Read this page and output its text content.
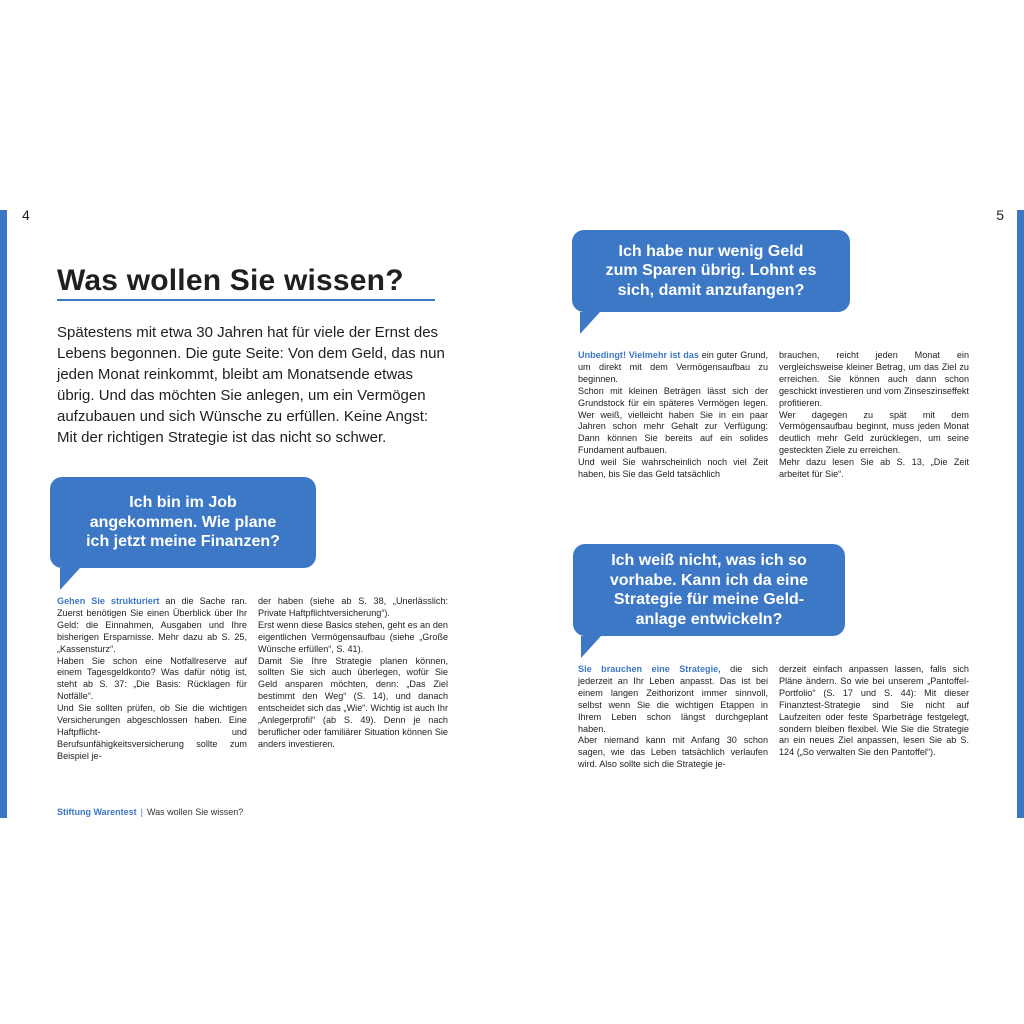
4	5
Was wollen Sie wissen?

Spätestens mit etwa 30 Jahren hat für viele der Ernst des Lebens begonnen. Die gute Seite: Von dem Geld, das nun jeden Monat reinkommt, bleibt am Monatsende etwas übrig. Und das möchten Sie anlegen, um ein Vermögen aufzubauen und sich Wünsche zu erfüllen. Keine Angst: Mit der richtigen Strategie ist das nicht so schwer.

Ich bin im Job
angekommen. Wie plane
ich jetzt meine Finanzen?

Gehen Sie strukturiert an die Sache ran. Zuerst benötigen Sie einen Überblick über Ihr Geld: die Einnahmen, Ausgaben und Ihre bisherigen Ersparnisse. Mehr dazu ab S. 25, „Kassensturz“.
Haben Sie schon eine Notfallreserve auf einem Tagesgeldkonto? Was dafür nötig ist, steht ab S. 37: „Die Basis: Rücklagen für Notfälle“.
Und Sie sollten prüfen, ob Sie die wichtigen Versicherungen abgeschlossen haben. Eine Haftpflicht- und Berufsunfähigkeitsversicherung sollte zum Beispiel je-

der haben (siehe ab S. 38, „Unerlässlich: Private Haftpflichtversicherung“).
Erst wenn diese Basics stehen, geht es an den eigentlichen Vermögensaufbau (siehe „Große Wünsche erfüllen“, S. 41).
Damit Sie Ihre Strategie planen können, sollten Sie sich auch überlegen, wofür Sie Geld ansparen möchten, denn: „Das Ziel bestimmt den Weg“ (S. 14), und danach entscheidet sich das „Wie“. Wichtig ist auch Ihr „Anlegerprofil“ (ab S. 49). Denn je nach beruflicher oder familiärer Situation können Sie anders investieren.

Ich habe nur wenig Geld
zum Sparen übrig. Lohnt es
sich, damit anzufangen?

Unbedingt! Vielmehr ist das ein guter Grund, um direkt mit dem Vermögensaufbau zu beginnen.
Schon mit kleinen Beträgen lässt sich der Grundstock für ein späteres Vermögen legen. Wer weiß, vielleicht haben Sie in ein paar Jahren schon mehr Gehalt zur Verfügung: Dann können Sie bereits auf ein solides Fundament aufbauen.
Und weil Sie wahrscheinlich noch viel Zeit haben, bis Sie das Geld tatsächlich

brauchen, reicht jeden Monat ein vergleichsweise kleiner Betrag, um das Ziel zu erreichen. Sie können auch dann schon geschickt investieren und vom Zinseszinseffekt profitieren.
Wer dagegen zu spät mit dem Vermögensaufbau beginnt, muss jeden Monat deutlich mehr Geld zurücklegen, um seine gesteckten Ziele zu erreichen.
Mehr dazu lesen Sie ab S. 13, „Die Zeit arbeitet für Sie“.

Ich weiß nicht, was ich so
vorhabe. Kann ich da eine
Strategie für meine Geld-
anlage entwickeln?

Sie brauchen eine Strategie, die sich jederzeit an Ihr Leben anpasst. Das ist bei einem langen Zeithorizont immer sinnvoll, selbst wenn Sie die wichtigen Etappen in Ihrem Leben schon längst durchgeplant haben.
Aber niemand kann mit Anfang 30 schon sagen, wie das Leben tatsächlich verlaufen wird. Also sollte sich die Strategie je-

derzeit einfach anpassen lassen, falls sich Pläne ändern. So wie bei unserem „Pantoffel-Portfolio“ (S. 17 und S. 44): Mit dieser Finanztest-Strategie sind Sie nicht auf Laufzeiten oder feste Sparbeträge festgelegt, sondern bleiben flexibel. Wie Sie die Strategie an ein neues Ziel anpassen, lesen Sie ab S. 124 („So verwalten Sie den Pantoffel“).

Stiftung Warentest | Was wollen Sie wissen?
